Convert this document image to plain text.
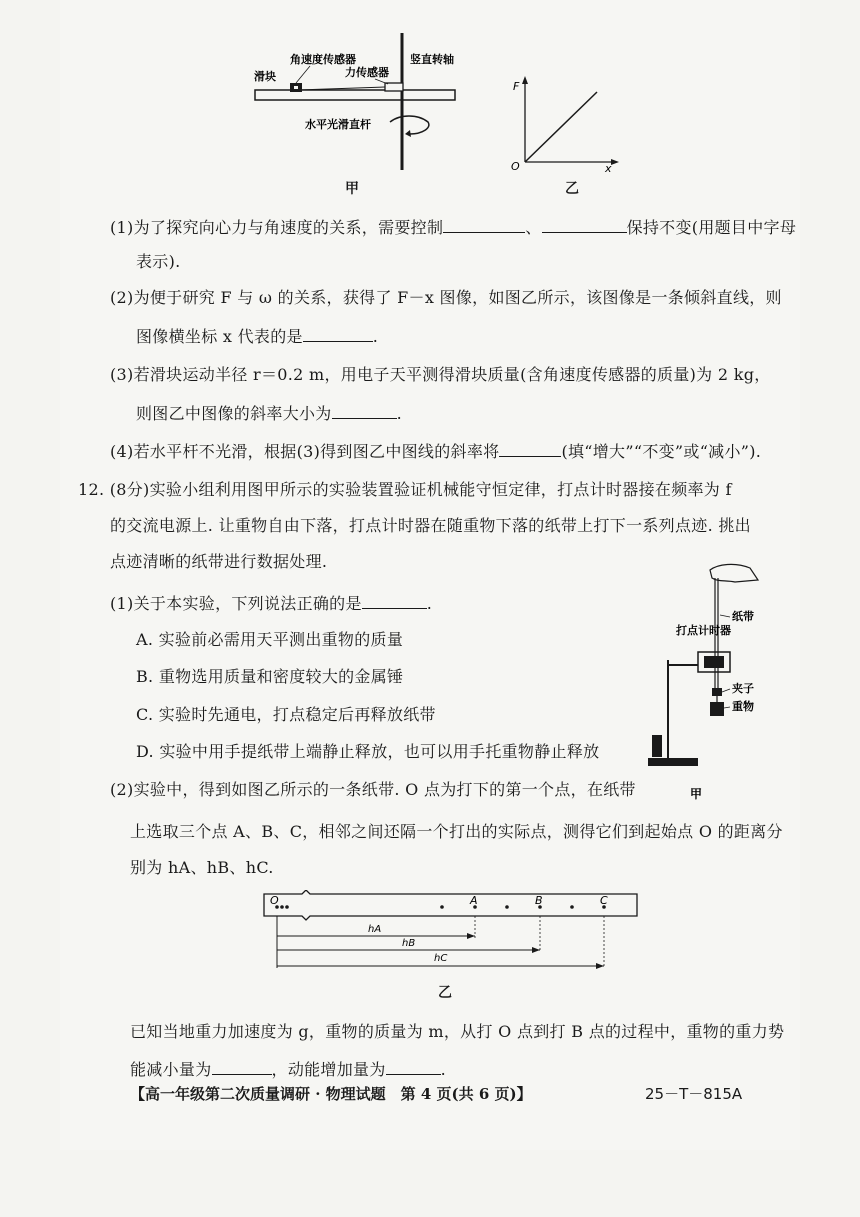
角速度传感器
力传感器
滑块
竖直转轴
水平光滑直杆
甲
F
x
O
乙
(1)为了探究向心力与角速度的关系，需要控制	、	保持不变(用题目中字母
表示).
(2)为便于研究 F 与 ω 的关系，获得了 F－x 图像，如图乙所示，该图像是一条倾斜直线，则
图像横坐标 x 代表的是	.
(3)若滑块运动半径 r＝0.2 m，用电子天平测得滑块质量(含角速度传感器的质量)为 2 kg，
则图乙中图像的斜率大小为	.
(4)若水平杆不光滑，根据(3)得到图乙中图线的斜率将	(填“增大”“不变”或“减小”).
12. (8分)实验小组利用图甲所示的实验装置验证机械能守恒定律，打点计时器接在频率为 f
的交流电源上. 让重物自由下落，打点计时器在随重物下落的纸带上打下一系列点迹. 挑出
点迹清晰的纸带进行数据处理.
(1)关于本实验，下列说法正确的是	.
A. 实验前必需用天平测出重物的质量
B. 重物选用质量和密度较大的金属锤
C. 实验时先通电，打点稳定后再释放纸带
D. 实验中用手提纸带上端静止释放，也可以用手托重物静止释放
(2)实验中，得到如图乙所示的一条纸带. O 点为打下的第一个点，在纸带
上选取三个点 A、B、C，相邻之间还隔一个打出的实际点，测得它们到起始点 O 的距离分
别为 hA、hB、hC.
纸带
打点计时器
夹子
重物
甲
O	A	B	C
hA
hB
hC
乙
已知当地重力加速度为 g，重物的质量为 m，从打 O 点到打 B 点的过程中，重物的重力势
能减小量为	，动能增加量为	.
【高一年级第二次质量调研 · 物理试题　第 4 页(共 6 页)】	25－T－815A
